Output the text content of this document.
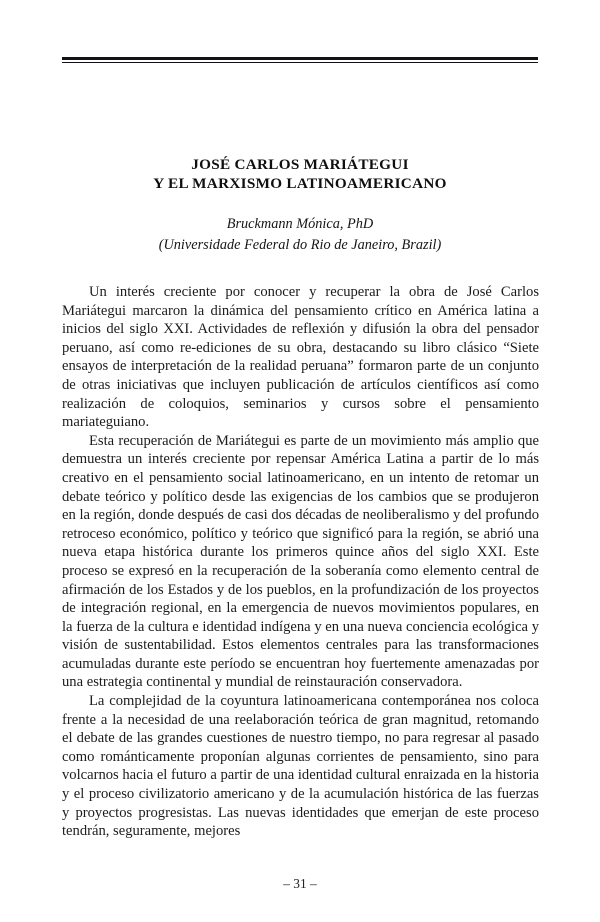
JOSÉ CARLOS MARIÁTEGUI
Y EL MARXISMO LATINOAMERICANO
Bruckmann Mónica, PhD
(Universidade Federal do Rio de Janeiro, Brazil)

Un interés creciente por conocer y recuperar la obra de José Carlos Mariátegui marcaron la dinámica del pensamiento crítico en América latina a inicios del siglo XXI. Actividades de reflexión y difusión la obra del pensador peruano, así como re-ediciones de su obra, destacando su libro clásico “Siete ensayos de interpretación de la realidad peruana” formaron parte de un conjunto de otras iniciativas que incluyen publicación de artículos científicos así como realización de coloquios, seminarios y cursos sobre el pensamiento mariateguiano.

Esta recuperación de Mariátegui es parte de un movimiento más amplio que demuestra un interés creciente por repensar América Latina a partir de lo más creativo en el pensamiento social latinoamericano, en un intento de retomar un debate teórico y político desde las exigencias de los cambios que se produjeron en la región, donde después de casi dos décadas de neoliberalismo y del profundo retroceso económico, político y teórico que significó para la región, se abrió una nueva etapa histórica durante los primeros quince años del siglo XXI. Este proceso se expresó en la recuperación de la soberanía como elemento central de afirmación de los Estados y de los pueblos, en la profundización de los proyectos de integración regional, en la emergencia de nuevos movimientos populares, en la fuerza de la cultura e identidad indígena y en una nueva conciencia ecológica y visión de sustentabilidad. Estos elementos centrales para las transformaciones acumuladas durante este período se encuentran hoy fuertemente amenazadas por una estrategia continental y mundial de reinstauración conservadora.

La complejidad de la coyuntura latinoamericana contemporánea nos coloca frente a la necesidad de una reelaboración teórica de gran magnitud, retomando el debate de las grandes cuestiones de nuestro tiempo, no para regresar al pasado como románticamente proponían algunas corrientes de pensamiento, sino para volcarnos hacia el futuro a partir de una identidad cultural enraizada en la historia y el proceso civilizatorio americano y de la acumulación histórica de las fuerzas y proyectos progresistas. Las nuevas identidades que emerjan de este proceso tendrán, seguramente, mejores

– 31 –
